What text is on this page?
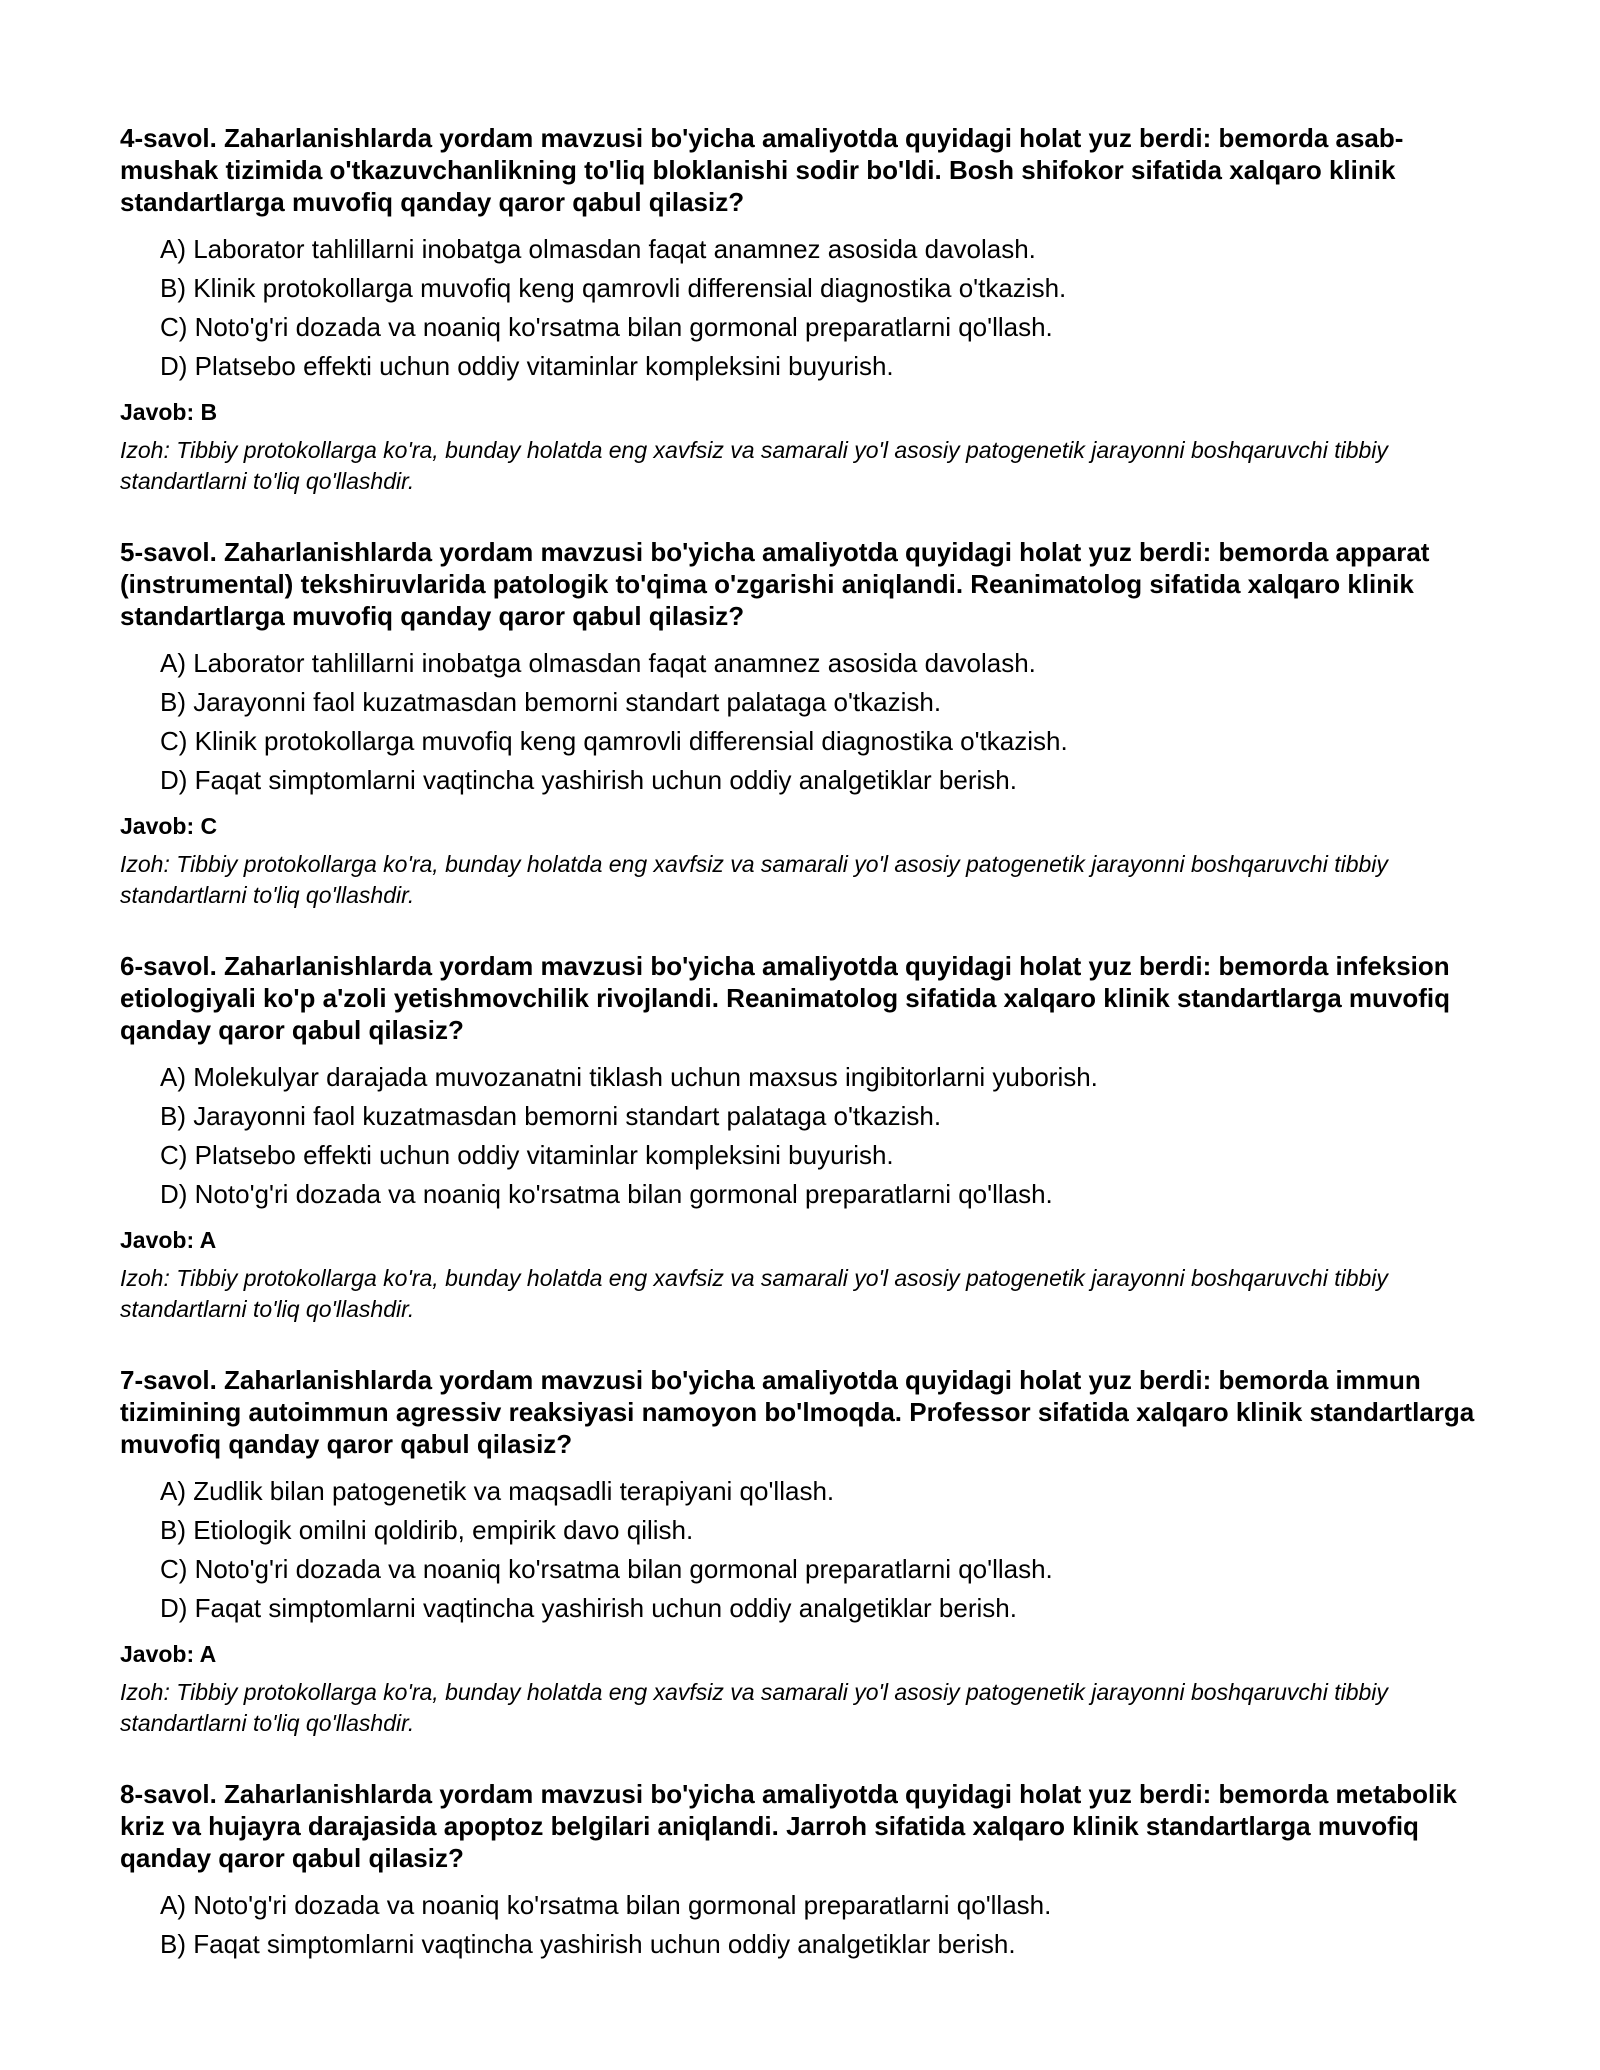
4-savol. Zaharlanishlarda yordam mavzusi bo'yicha amaliyotda quyidagi holat yuz berdi: bemorda asab-mushak tizimida o'tkazuvchanlikning to'liq bloklanishi sodir bo'ldi. Bosh shifokor sifatida xalqaro klinik standartlarga muvofiq qanday qaror qabul qilasiz?

A) Laborator tahlillarni inobatga olmasdan faqat anamnez asosida davolash.
B) Klinik protokollarga muvofiq keng qamrovli differensial diagnostika o'tkazish.
C) Noto'g'ri dozada va noaniq ko'rsatma bilan gormonal preparatlarni qo'llash.
D) Platsebo effekti uchun oddiy vitaminlar kompleksini buyurish.
Javob: B
Izoh: Tibbiy protokollarga ko'ra, bunday holatda eng xavfsiz va samarali yo'l asosiy patogenetik jarayonni boshqaruvchi tibbiy standartlarni to'liq qo'llashdir.

5-savol. Zaharlanishlarda yordam mavzusi bo'yicha amaliyotda quyidagi holat yuz berdi: bemorda apparat (instrumental) tekshiruvlarida patologik to'qima o'zgarishi aniqlandi. Reanimatolog sifatida xalqaro klinik standartlarga muvofiq qanday qaror qabul qilasiz?

A) Laborator tahlillarni inobatga olmasdan faqat anamnez asosida davolash.
B) Jarayonni faol kuzatmasdan bemorni standart palataga o'tkazish.
C) Klinik protokollarga muvofiq keng qamrovli differensial diagnostika o'tkazish.
D) Faqat simptomlarni vaqtincha yashirish uchun oddiy analgetiklar berish.
Javob: C
Izoh: Tibbiy protokollarga ko'ra, bunday holatda eng xavfsiz va samarali yo'l asosiy patogenetik jarayonni boshqaruvchi tibbiy standartlarni to'liq qo'llashdir.

6-savol. Zaharlanishlarda yordam mavzusi bo'yicha amaliyotda quyidagi holat yuz berdi: bemorda infeksion etiologiyali ko'p a'zoli yetishmovchilik rivojlandi. Reanimatolog sifatida xalqaro klinik standartlarga muvofiq qanday qaror qabul qilasiz?

A) Molekulyar darajada muvozanatni tiklash uchun maxsus ingibitorlarni yuborish.
B) Jarayonni faol kuzatmasdan bemorni standart palataga o'tkazish.
C) Platsebo effekti uchun oddiy vitaminlar kompleksini buyurish.
D) Noto'g'ri dozada va noaniq ko'rsatma bilan gormonal preparatlarni qo'llash.
Javob: A
Izoh: Tibbiy protokollarga ko'ra, bunday holatda eng xavfsiz va samarali yo'l asosiy patogenetik jarayonni boshqaruvchi tibbiy standartlarni to'liq qo'llashdir.

7-savol. Zaharlanishlarda yordam mavzusi bo'yicha amaliyotda quyidagi holat yuz berdi: bemorda immun tizimining autoimmun agressiv reaksiyasi namoyon bo'lmoqda. Professor sifatida xalqaro klinik standartlarga muvofiq qanday qaror qabul qilasiz?

A) Zudlik bilan patogenetik va maqsadli terapiyani qo'llash.
B) Etiologik omilni qoldirib, empirik davo qilish.
C) Noto'g'ri dozada va noaniq ko'rsatma bilan gormonal preparatlarni qo'llash.
D) Faqat simptomlarni vaqtincha yashirish uchun oddiy analgetiklar berish.
Javob: A
Izoh: Tibbiy protokollarga ko'ra, bunday holatda eng xavfsiz va samarali yo'l asosiy patogenetik jarayonni boshqaruvchi tibbiy standartlarni to'liq qo'llashdir.

8-savol. Zaharlanishlarda yordam mavzusi bo'yicha amaliyotda quyidagi holat yuz berdi: bemorda metabolik kriz va hujayra darajasida apoptoz belgilari aniqlandi. Jarroh sifatida xalqaro klinik standartlarga muvofiq qanday qaror qabul qilasiz?

A) Noto'g'ri dozada va noaniq ko'rsatma bilan gormonal preparatlarni qo'llash.
B) Faqat simptomlarni vaqtincha yashirish uchun oddiy analgetiklar berish.
